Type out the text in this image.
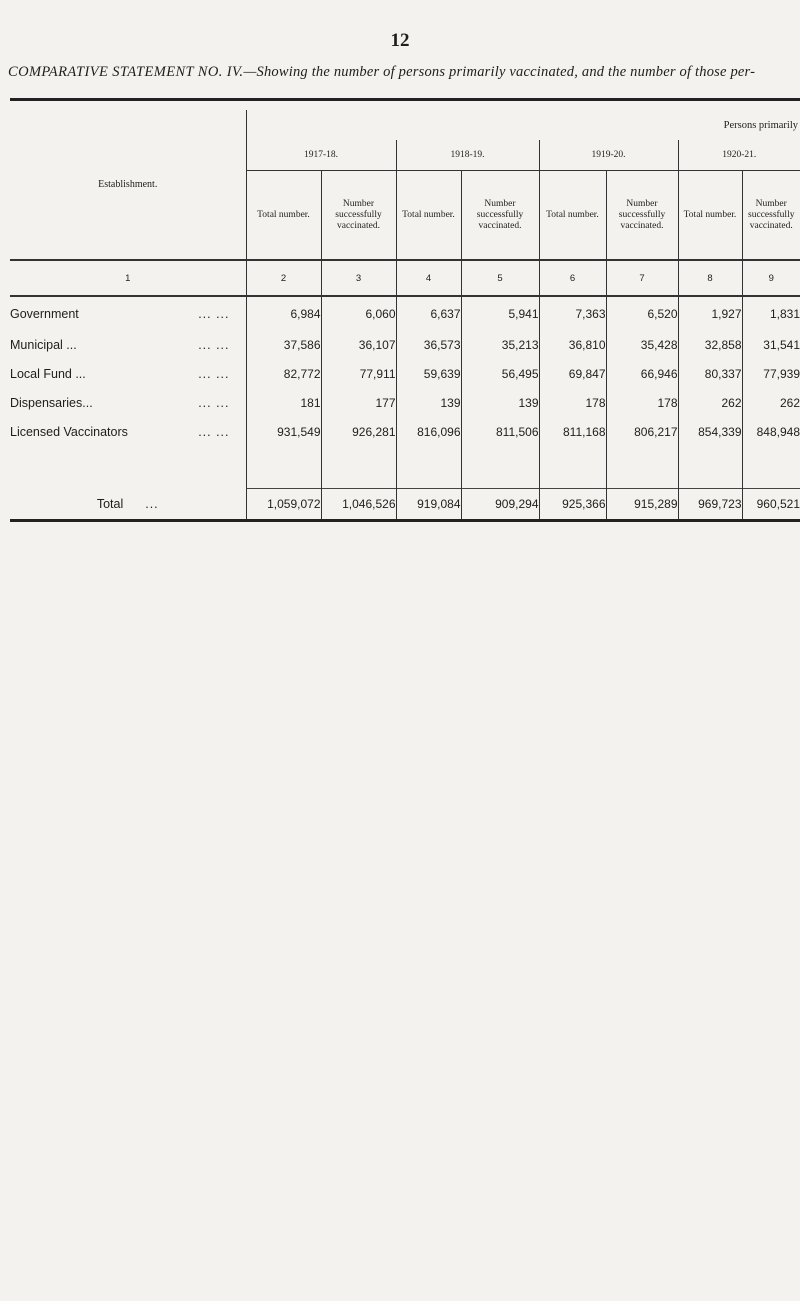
12
COMPARATIVE STATEMENT NO. IV.—Showing the number of persons primarily vaccinated, and the number of those per-
Establishment.	Persons primarily							
	1917-18.		1918-19.		1919-20.		1920-21.	
	Total number.	Number successfully vaccinated.	Total number.	Number successfully vaccinated.	Total number.	Number successfully vaccinated.	Total number.	Number successfully vaccinated.
1	2	3	4	5	6	7	8	9
Government ... ...	6,984	6,060	6,637	5,941	7,363	6,520	1,927	1,831
Municipal ... ... ...	37,586	36,107	36,573	35,213	36,810	35,428	32,858	31,541
Local Fund ... ... ...	82,772	77,911	59,639	56,495	69,847	66,946	80,337	77,939
Dispensaries... ... ...	181	177	139	139	178	178	262	262
Licensed Vaccinators ... ...	931,549	926,281	816,096	811,506	811,168	806,217	854,339	848,948

Total ...	1,059,072	1,046,526	919,084	909,294	925,366	915,289	969,723	960,521
